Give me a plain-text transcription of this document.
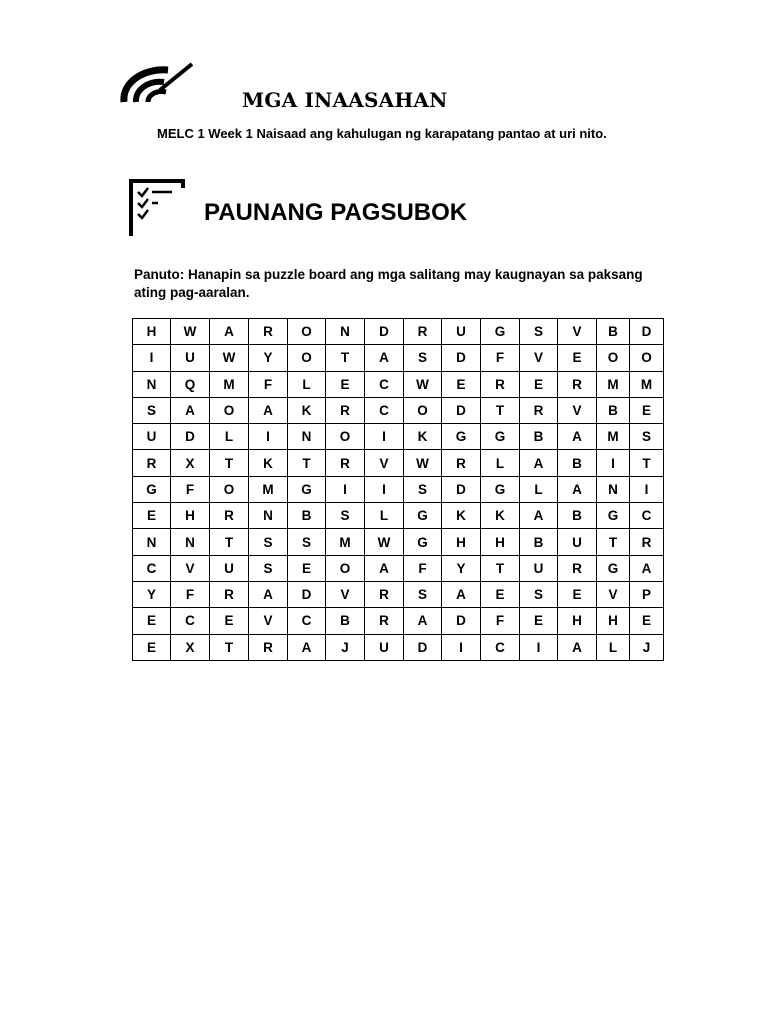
MGA INAASAHAN
MELC 1 Week 1 Naisaad ang kahulugan ng karapatang pantao at uri nito.
PAUNANG PAGSUBOK
Panuto: Hanapin sa puzzle board ang mga salitang may kaugnayan sa paksang ating pag-aaralan.
H	W	A	R	O	N	D	R	U	G	S	V	B	D
I	U	W	Y	O	T	A	S	D	F	V	E	O	O
N	Q	M	F	L	E	C	W	E	R	E	R	M	M
S	A	O	A	K	R	C	O	D	T	R	V	B	E
U	D	L	I	N	O	I	K	G	G	B	A	M	S
R	X	T	K	T	R	V	W	R	L	A	B	I	T
G	F	O	M	G	I	I	S	D	G	L	A	N	I
E	H	R	N	B	S	L	G	K	K	A	B	G	C
N	N	T	S	S	M	W	G	H	H	B	U	T	R
C	V	U	S	E	O	A	F	Y	T	U	R	G	A
Y	F	R	A	D	V	R	S	A	E	S	E	V	P
E	C	E	V	C	B	R	A	D	F	E	H	H	E
E	X	T	R	A	J	U	D	I	C	I	A	L	J
